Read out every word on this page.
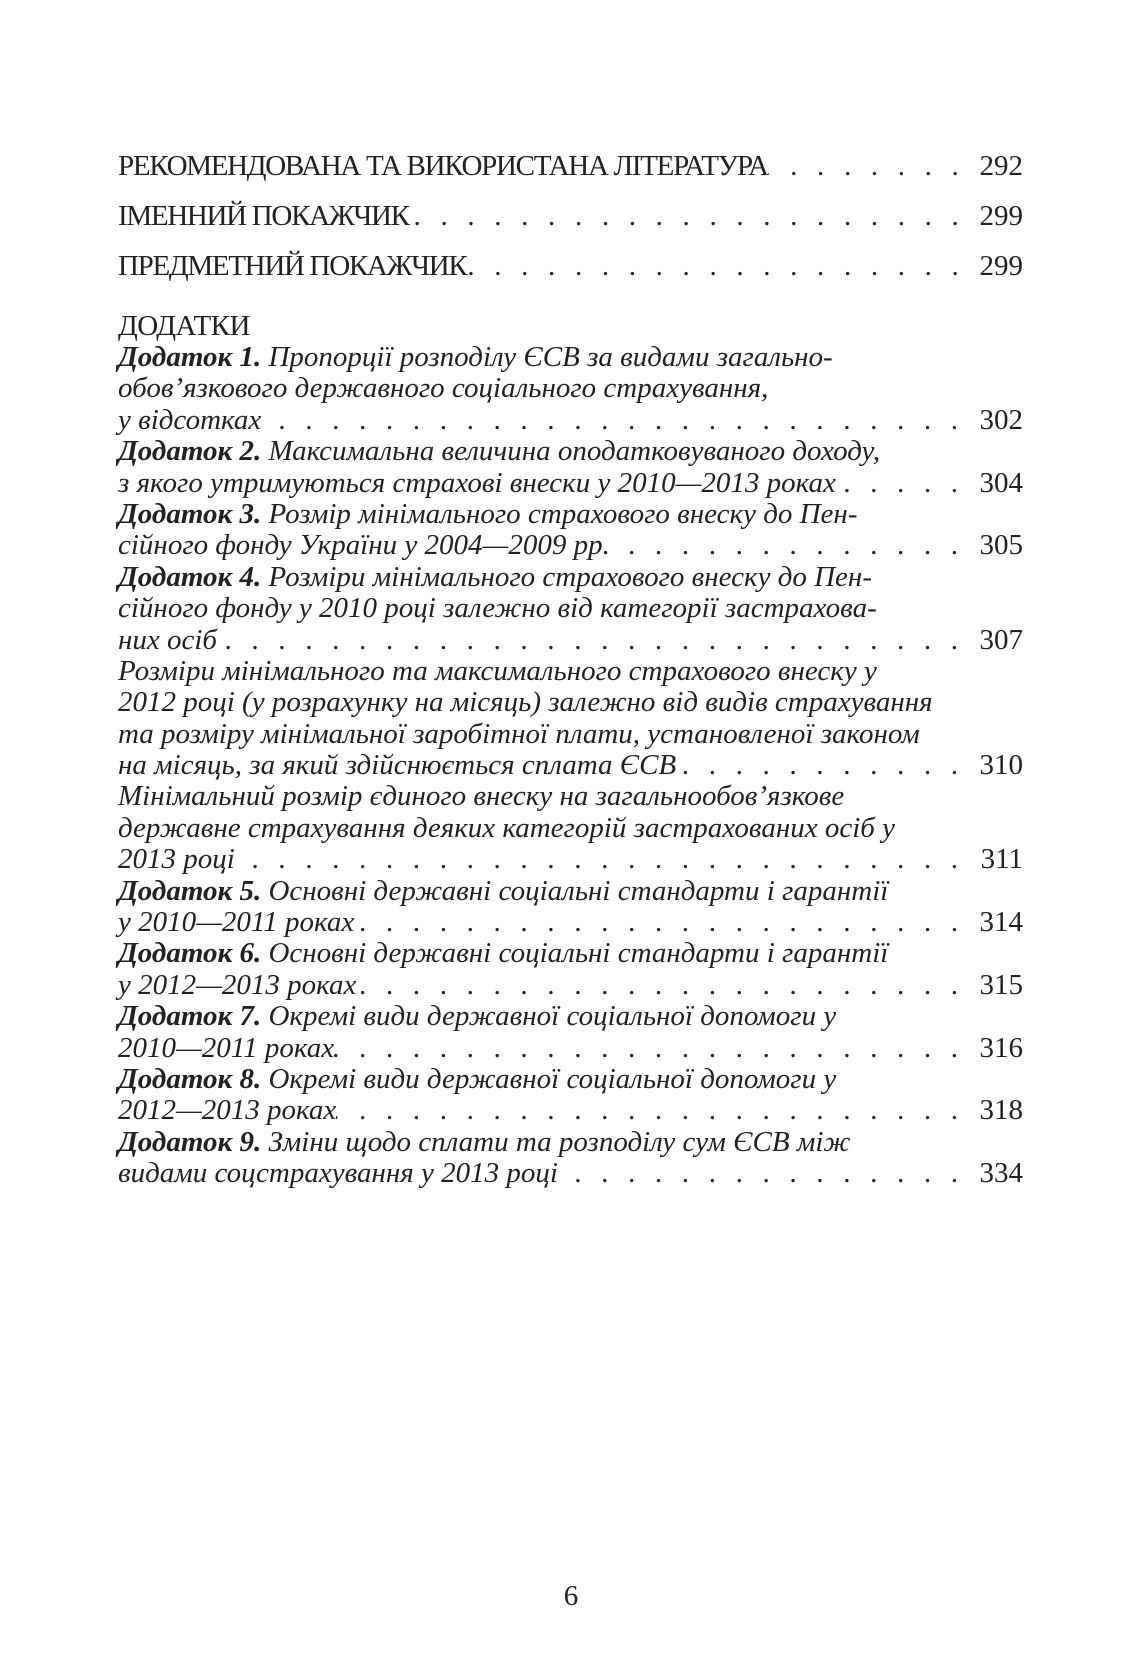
РЕКОМЕНДОВАНА ТА ВИКОРИСТАНА ЛІТЕРАТУРА . . .	292
ІМЕННИЙ ПОКАЖЧИК . . .	299
ПРЕДМЕТНИЙ ПОКАЖЧИК . . .	299
ДОДАТКИ
Додаток 1. Пропорції розподілу ЄСВ за видами загально-
обов’язкового державного соціального страхування,
у відсотках . . .	302
Додаток 2. Максимальна величина оподатковуваного доходу,
з якого утримуються страхові внески у 2010—2013 роках . . .	304
Додаток 3. Розмір мінімального страхового внеску до Пен-
сійного фонду України у 2004—2009 рр. . . .	305
Додаток 4. Розміри мінімального страхового внеску до Пен-
сійного фонду у 2010 році залежно від категорії застрахова-
них осіб . . .	307
Розміри мінімального та максимального страхового внеску у
2012 році (у розрахунку на місяць) залежно від видів страхування
та розміру мінімальної заробітної плати, установленої законом
на місяць, за який здійснюється сплата ЄСВ . . .	310
Мінімальний розмір єдиного внеску на загальнообов’язкове
державне страхування деяких категорій застрахованих осіб у
2013 році . . .	311
Додаток 5. Основні державні соціальні стандарти і гарантії
у 2010—2011 роках . . .	314
Додаток 6. Основні державні соціальні стандарти і гарантії
у 2012—2013 роках . . .	315
Додаток 7. Окремі види державної соціальної допомоги у
2010—2011 роках . . .	316
Додаток 8. Окремі види державної соціальної допомоги у
2012—2013 роках . . .	318
Додаток 9. Зміни щодо сплати та розподілу сум ЄСВ між
видами соцстрахування у 2013 році . . .	334
6
